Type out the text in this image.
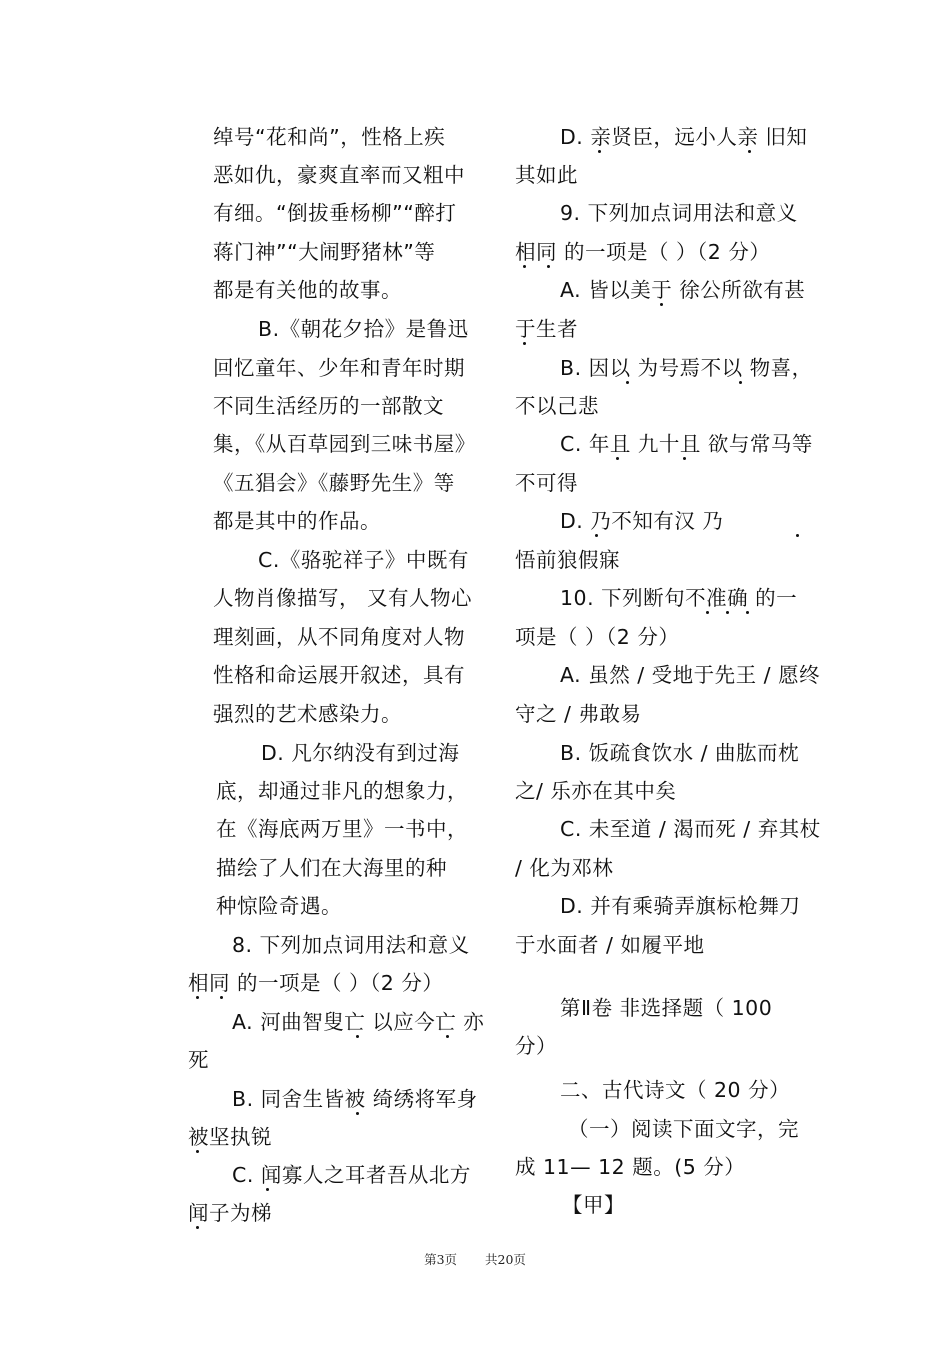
绰号“花和尚”，性格上疾
恶如仇，豪爽直率而又粗中
有细。“倒拔垂杨柳”“醉打
蒋门神”“大闹野猪林”等
都是有关他的故事。
B.《朝花夕拾》是鲁迅
回忆童年、少年和青年时期
不同生活经历的一部散文
集，《从百草园到三味书屋》
《五猖会》《藤野先生》等
都是其中的作品。
C.《骆驼祥子》中既有
人物肖像描写， 又有人物心
理刻画，从不同角度对人物
性格和命运展开叙述，具有
强烈的艺术感染力。
D. 凡尔纳没有到过海
底，却通过非凡的想象力，
在《海底两万里》一书中，
描绘了人们在大海里的种
种惊险奇遇。
8. 下列加点词用法和意义
相同 的一项是（ ）（2 分）
A. 河曲智叟亡 以应今亡 亦
死
B. 同舍生皆被 绮绣将军身
被坚执锐
C. 闻寡人之耳者吾从北方
闻子为梯
D. 亲贤臣，远小人亲 旧知
其如此
9. 下列加点词用法和意义
相同 的一项是（ ）（2 分）
A. 皆以美于 徐公所欲有甚
于生者
B. 因以 为号焉不以 物喜，
不以己悲
C. 年且 九十且 欲与常马等
不可得
D. 乃不知有汉 乃
悟前狼假寐
10. 下列断句不准确 的一
项是（ ）（2 分）
A. 虽然 / 受地于先王 / 愿终
守之 / 弗敢易
B. 饭疏食饮水 / 曲肱而枕
之/ 乐亦在其中矣
C. 未至道 / 渴而死 / 弃其杖
/ 化为邓林
D. 并有乘骑弄旗标枪舞刀
于水面者 / 如履平地
第Ⅱ卷 非选择题（ 100
分）
二、古代诗文（ 20 分）
（一）阅读下面文字，完
成 11— 12 题。(5 分）
【甲】
第3页 共20页
